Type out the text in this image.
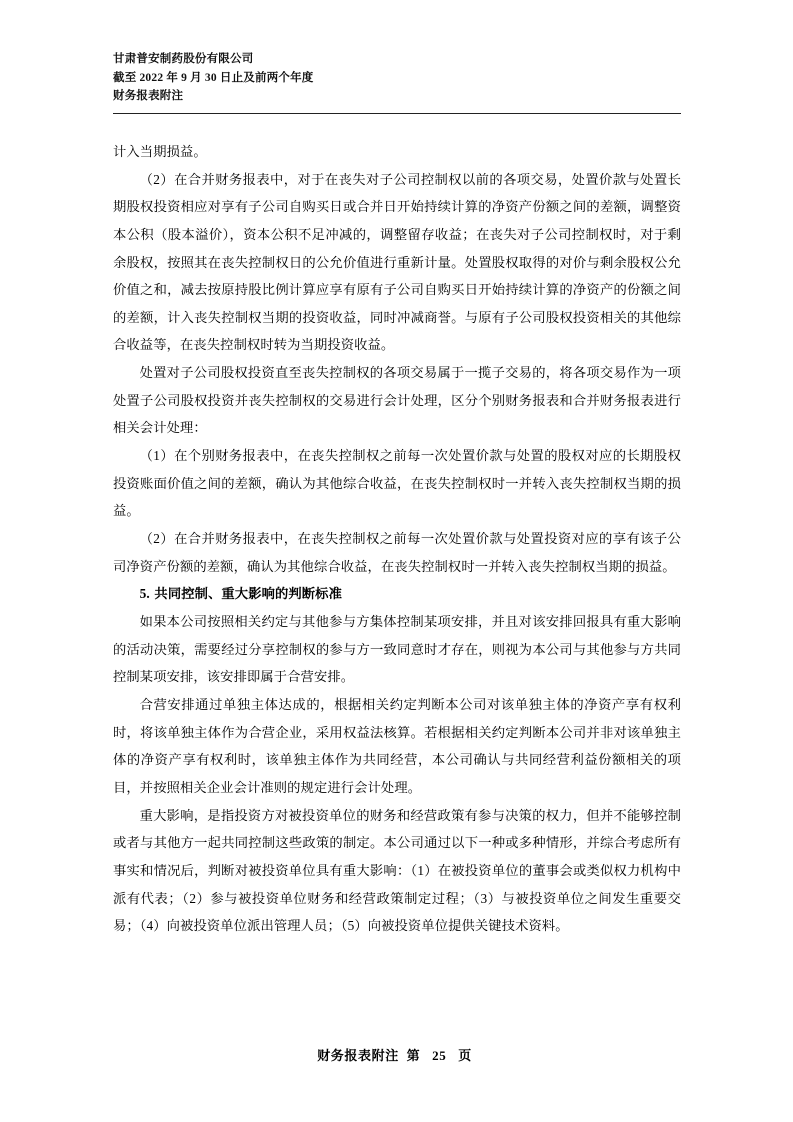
甘肃普安制药股份有限公司
截至 2022 年 9 月 30 日止及前两个年度
财务报表附注

计入当期损益。

（2）在合并财务报表中，对于在丧失对子公司控制权以前的各项交易，处置价款与处置长期股权投资相应对享有子公司自购买日或合并日开始持续计算的净资产份额之间的差额，调整资本公积（股本溢价），资本公积不足冲减的，调整留存收益；在丧失对子公司控制权时，对于剩余股权，按照其在丧失控制权日的公允价值进行重新计量。处置股权取得的对价与剩余股权公允价值之和，减去按原持股比例计算应享有原有子公司自购买日开始持续计算的净资产的份额之间的差额，计入丧失控制权当期的投资收益，同时冲减商誉。与原有子公司股权投资相关的其他综合收益等，在丧失控制权时转为当期投资收益。

处置对子公司股权投资直至丧失控制权的各项交易属于一揽子交易的，将各项交易作为一项处置子公司股权投资并丧失控制权的交易进行会计处理，区分个别财务报表和合并财务报表进行相关会计处理：

（1）在个别财务报表中，在丧失控制权之前每一次处置价款与处置的股权对应的长期股权投资账面价值之间的差额，确认为其他综合收益，在丧失控制权时一并转入丧失控制权当期的损益。

（2）在合并财务报表中，在丧失控制权之前每一次处置价款与处置投资对应的享有该子公司净资产份额的差额，确认为其他综合收益，在丧失控制权时一并转入丧失控制权当期的损益。

5. 共同控制、重大影响的判断标准

如果本公司按照相关约定与其他参与方集体控制某项安排，并且对该安排回报具有重大影响的活动决策，需要经过分享控制权的参与方一致同意时才存在，则视为本公司与其他参与方共同控制某项安排，该安排即属于合营安排。

合营安排通过单独主体达成的，根据相关约定判断本公司对该单独主体的净资产享有权利时，将该单独主体作为合营企业，采用权益法核算。若根据相关约定判断本公司并非对该单独主体的净资产享有权利时，该单独主体作为共同经营，本公司确认与共同经营利益份额相关的项目，并按照相关企业会计准则的规定进行会计处理。

重大影响，是指投资方对被投资单位的财务和经营政策有参与决策的权力，但并不能够控制或者与其他方一起共同控制这些政策的制定。本公司通过以下一种或多种情形，并综合考虑所有事实和情况后，判断对被投资单位具有重大影响：（1）在被投资单位的董事会或类似权力机构中派有代表；（2）参与被投资单位财务和经营政策制定过程；（3）与被投资单位之间发生重要交易；（4）向被投资单位派出管理人员；（5）向被投资单位提供关键技术资料。

财务报表附注 第 25 页
